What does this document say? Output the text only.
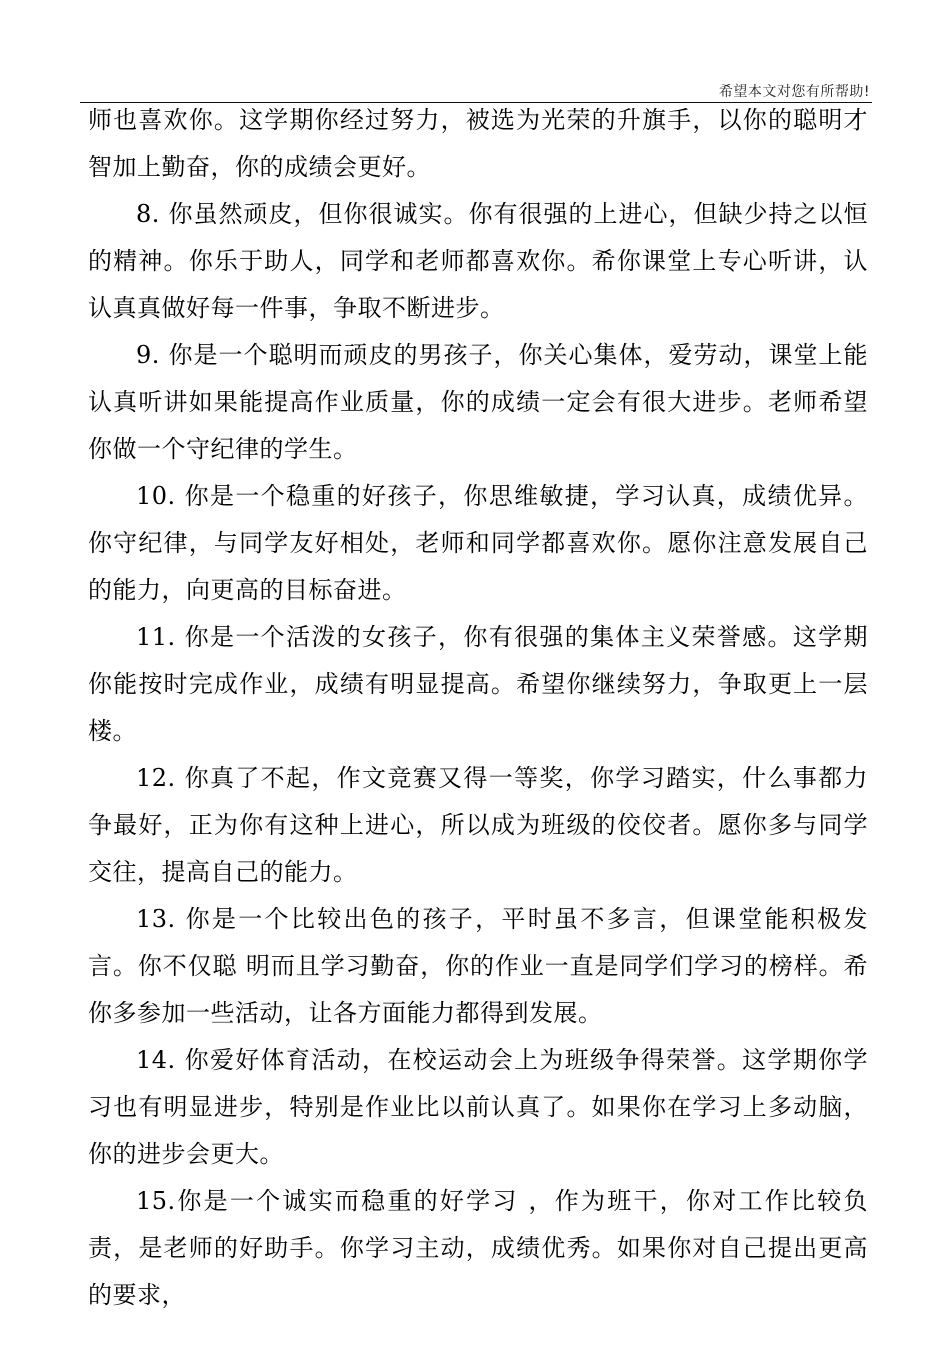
希望本文对您有所帮助!

师也喜欢你。这学期你经过努力，被选为光荣的升旗手，以你的聪明才智加上勤奋，你的成绩会更好。

8. 你虽然顽皮，但你很诚实。你有很强的上进心，但缺少持之以恒的精神。你乐于助人，同学和老师都喜欢你。希你课堂上专心听讲，认认真真做好每一件事，争取不断进步。

9. 你是一个聪明而顽皮的男孩子，你关心集体，爱劳动，课堂上能认真听讲如果能提高作业质量，你的成绩一定会有很大进步。老师希望你做一个守纪律的学生。

10. 你是一个稳重的好孩子，你思维敏捷，学习认真，成绩优异。你守纪律，与同学友好相处，老师和同学都喜欢你。愿你注意发展自己的能力，向更高的目标奋进。

11. 你是一个活泼的女孩子，你有很强的集体主义荣誉感。这学期你能按时完成作业，成绩有明显提高。希望你继续努力，争取更上一层楼。

12. 你真了不起，作文竞赛又得一等奖，你学习踏实，什么事都力争最好，正为你有这种上进心，所以成为班级的佼佼者。愿你多与同学交往，提高自己的能力。

13. 你是一个比较出色的孩子，平时虽不多言，但课堂能积极发言。你不仅聪 明而且学习勤奋，你的作业一直是同学们学习的榜样。希你多参加一些活动，让各方面能力都得到发展。

14. 你爱好体育活动，在校运动会上为班级争得荣誉。这学期你学习也有明显进步，特别是作业比以前认真了。如果你在学习上多动脑，你的进步会更大。

15.你是一个诚实而稳重的好学习 ，作为班干，你对工作比较负责，是老师的好助手。你学习主动，成绩优秀。如果你对自己提出更高的要求，
